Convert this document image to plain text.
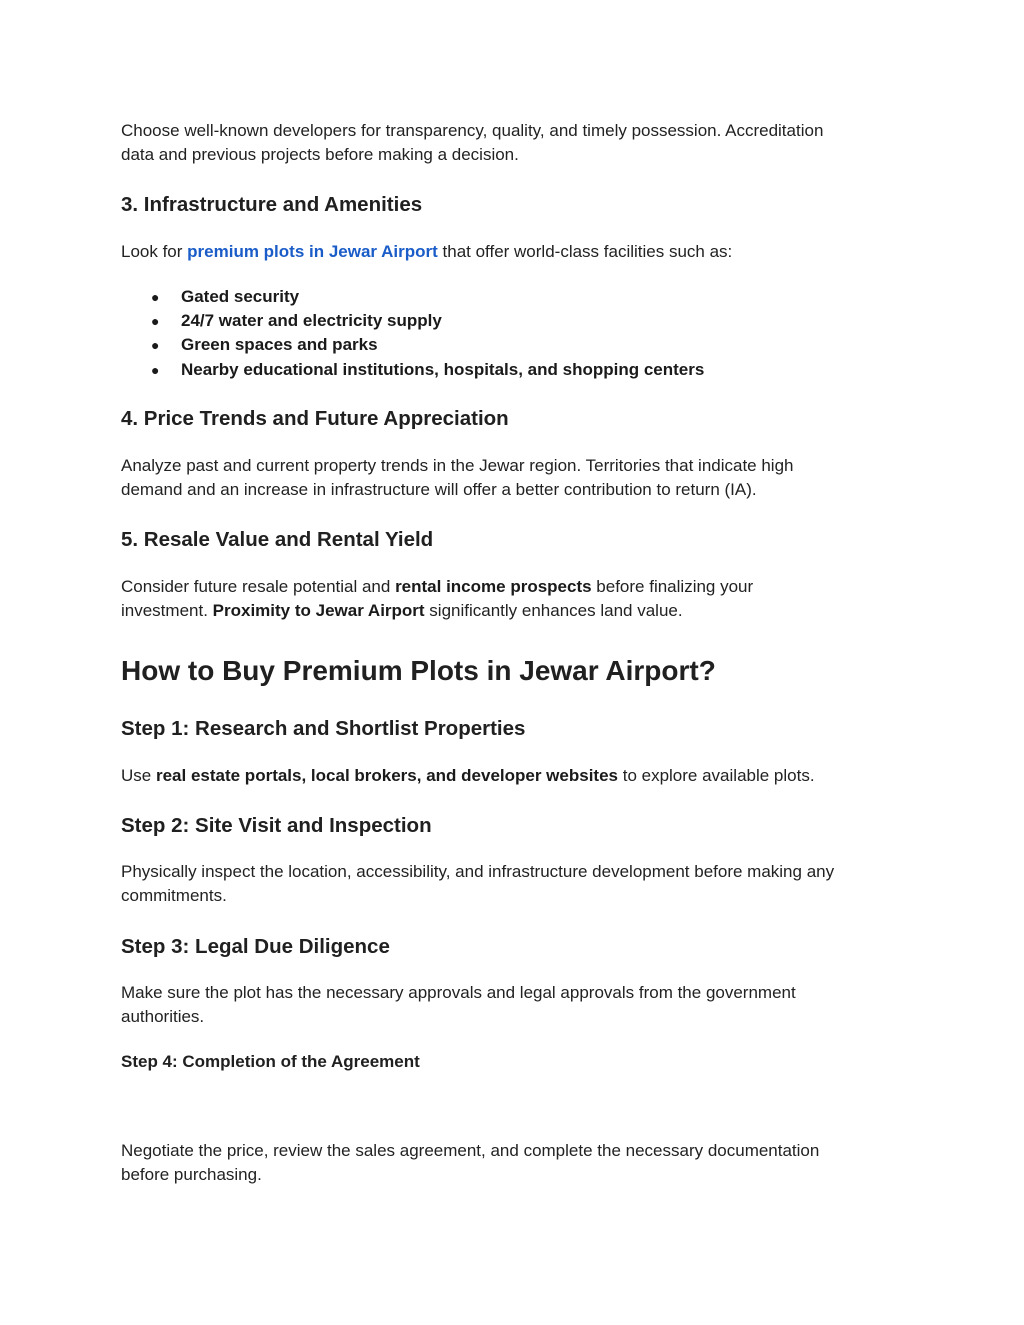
Choose well-known developers for transparency, quality, and timely possession. Accreditation

data and previous projects before making a decision.

3. Infrastructure and Amenities

Look for premium plots in Jewar Airport that offer world-class facilities such as:

● Gated security
● 24/7 water and electricity supply
● Green spaces and parks
● Nearby educational institutions, hospitals, and shopping centers
4. Price Trends and Future Appreciation

Analyze past and current property trends in the Jewar region. Territories that indicate high

demand and an increase in infrastructure will offer a better contribution to return (IA).

5. Resale Value and Rental Yield

Consider future resale potential and rental income prospects before finalizing your

investment. Proximity to Jewar Airport significantly enhances land value.

How to Buy Premium Plots in Jewar Airport?
Step 1: Research and Shortlist Properties

Use real estate portals, local brokers, and developer websites to explore available plots.

Step 2: Site Visit and Inspection

Physically inspect the location, accessibility, and infrastructure development before making any

commitments.

Step 3: Legal Due Diligence

Make sure the plot has the necessary approvals and legal approvals from the government

authorities.

Step 4: Completion of the Agreement

Negotiate the price, review the sales agreement, and complete the necessary documentation

before purchasing.
